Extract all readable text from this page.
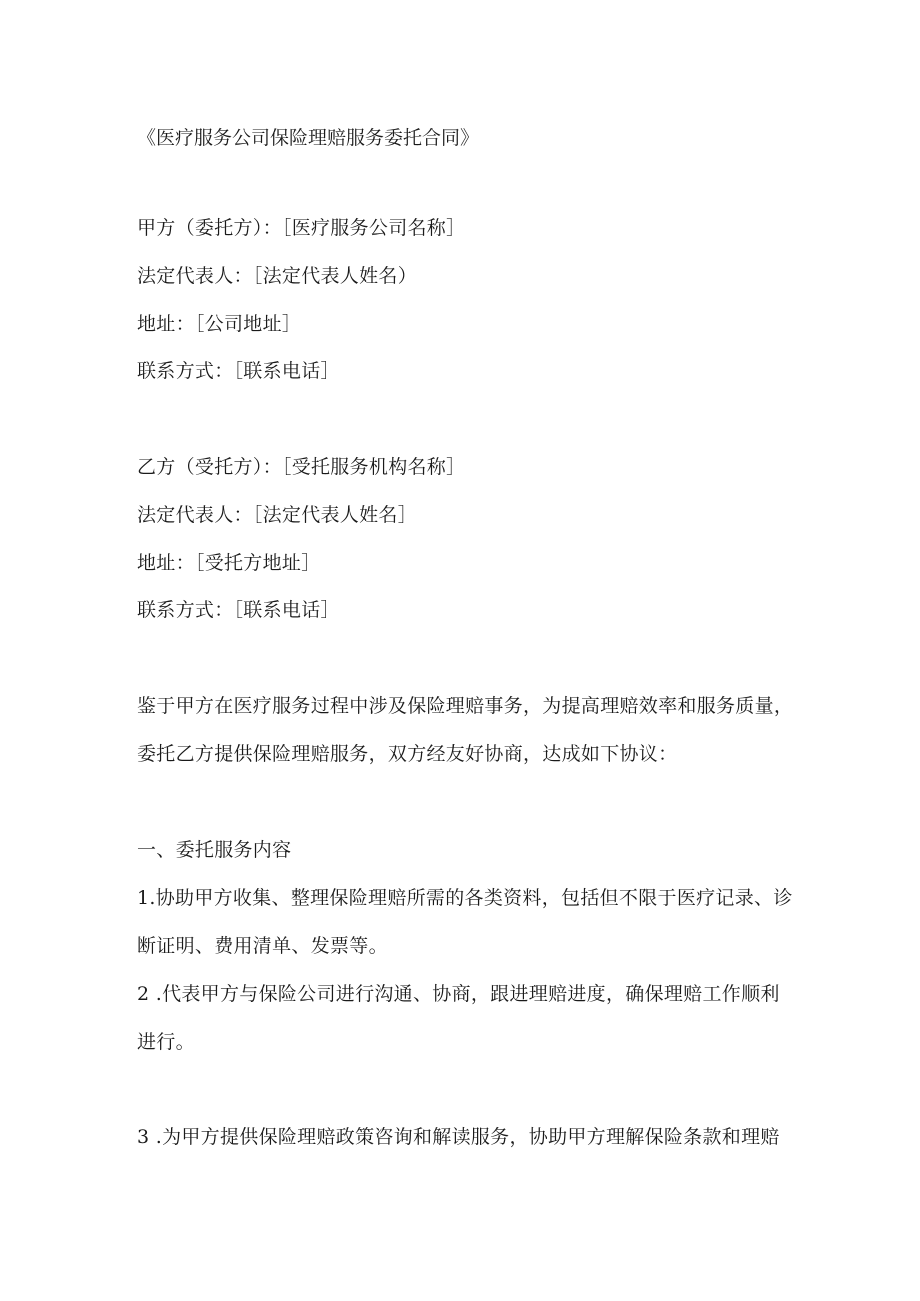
《医疗服务公司保险理赔服务委托合同》
甲方（委托方）：［医疗服务公司名称］
法定代表人：［法定代表人姓名）
地址：［公司地址］
联系方式：［联系电话］
乙方（受托方）：［受托服务机构名称］
法定代表人：［法定代表人姓名］
地址：［受托方地址］
联系方式：［联系电话］
鉴于甲方在医疗服务过程中涉及保险理赔事务，为提高理赔效率和服务质量，
委托乙方提供保险理赔服务，双方经友好协商，达成如下协议：
一、委托服务内容
1.协助甲方收集、整理保险理赔所需的各类资料，包括但不限于医疗记录、诊
断证明、费用清单、发票等。
2 .代表甲方与保险公司进行沟通、协商，跟进理赔进度，确保理赔工作顺利
进行。
3 .为甲方提供保险理赔政策咨询和解读服务，协助甲方理解保险条款和理赔
